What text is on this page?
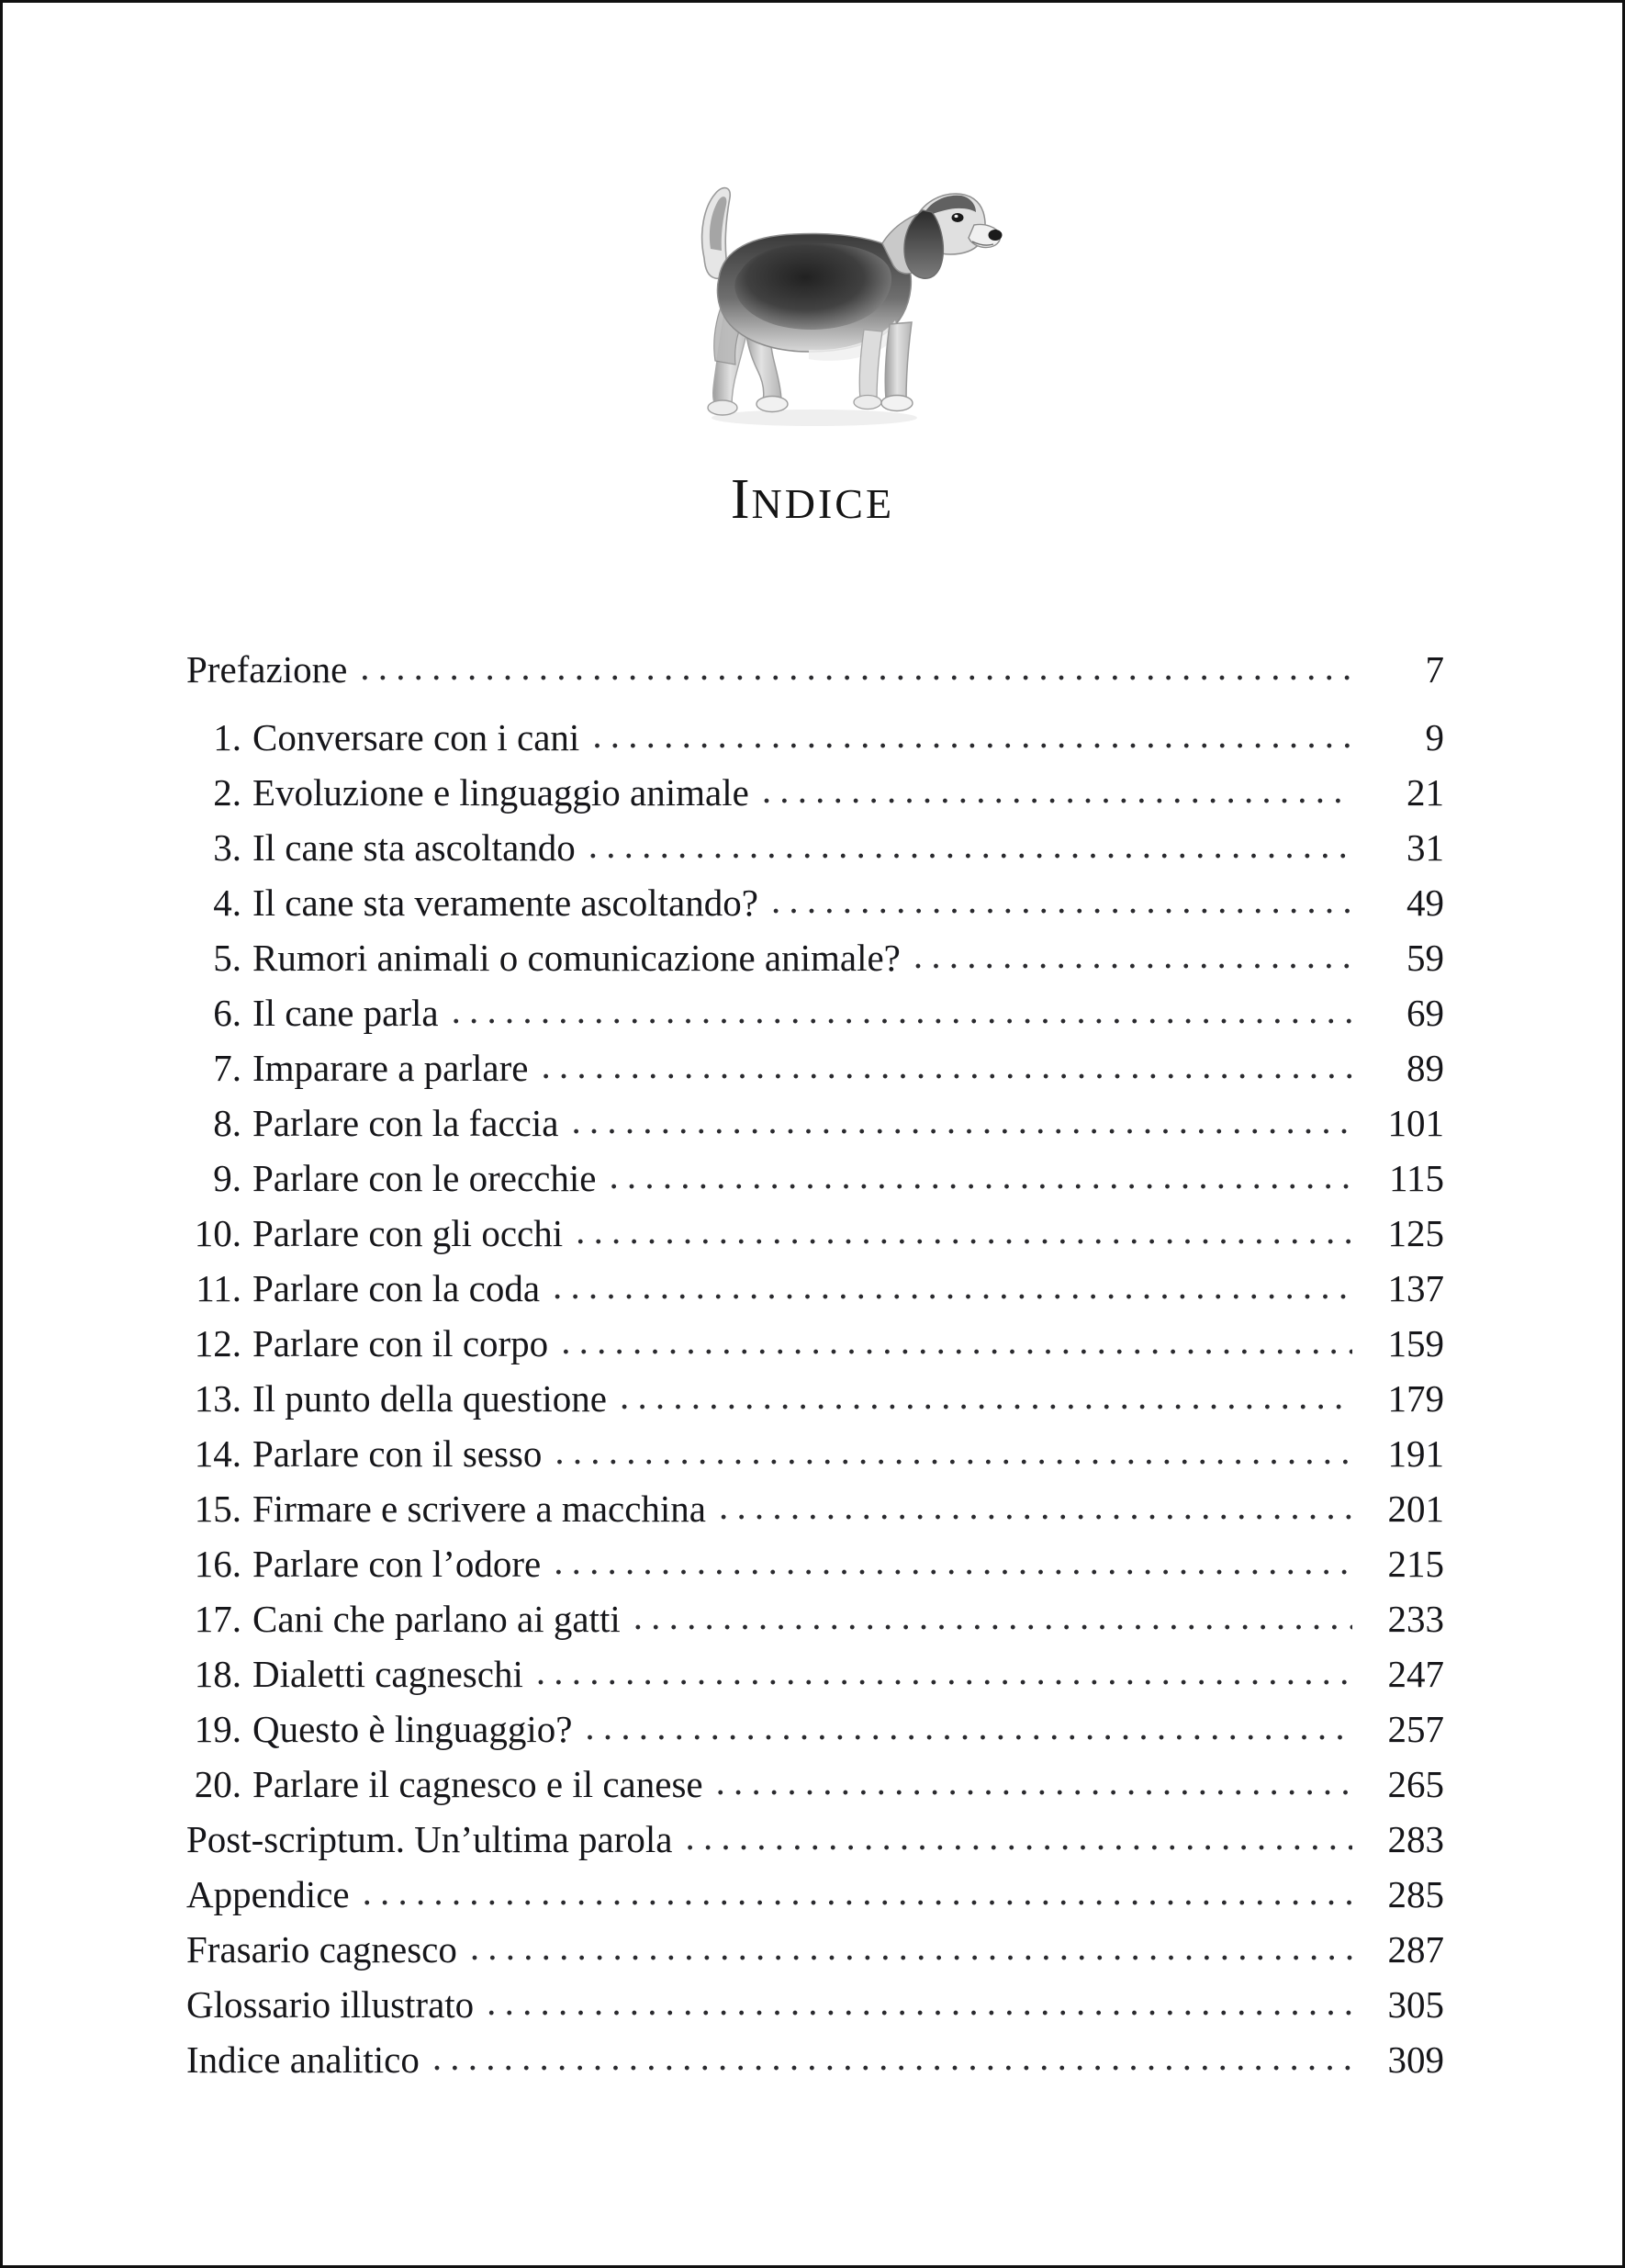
INDICE
Prefazione .....	7
1. Conversare con i cani .....	9
2. Evoluzione e linguaggio animale .....	21
3. Il cane sta ascoltando .....	31
4. Il cane sta veramente ascoltando? .....	49
5. Rumori animali o comunicazione animale? .....	59
6. Il cane parla .....	69
7. Imparare a parlare .....	89
8. Parlare con la faccia .....	101
9. Parlare con le orecchie .....	115
10. Parlare con gli occhi .....	125
11. Parlare con la coda .....	137
12. Parlare con il corpo .....	159
13. Il punto della questione .....	179
14. Parlare con il sesso .....	191
15. Firmare e scrivere a macchina .....	201
16. Parlare con l’odore .....	215
17. Cani che parlano ai gatti .....	233
18. Dialetti cagneschi .....	247
19. Questo è linguaggio? .....	257
20. Parlare il cagnesco e il canese .....	265
Post-scriptum. Un’ultima parola .....	283
Appendice .....	285
Frasario cagnesco .....	287
Glossario illustrato .....	305
Indice analitico .....	309
